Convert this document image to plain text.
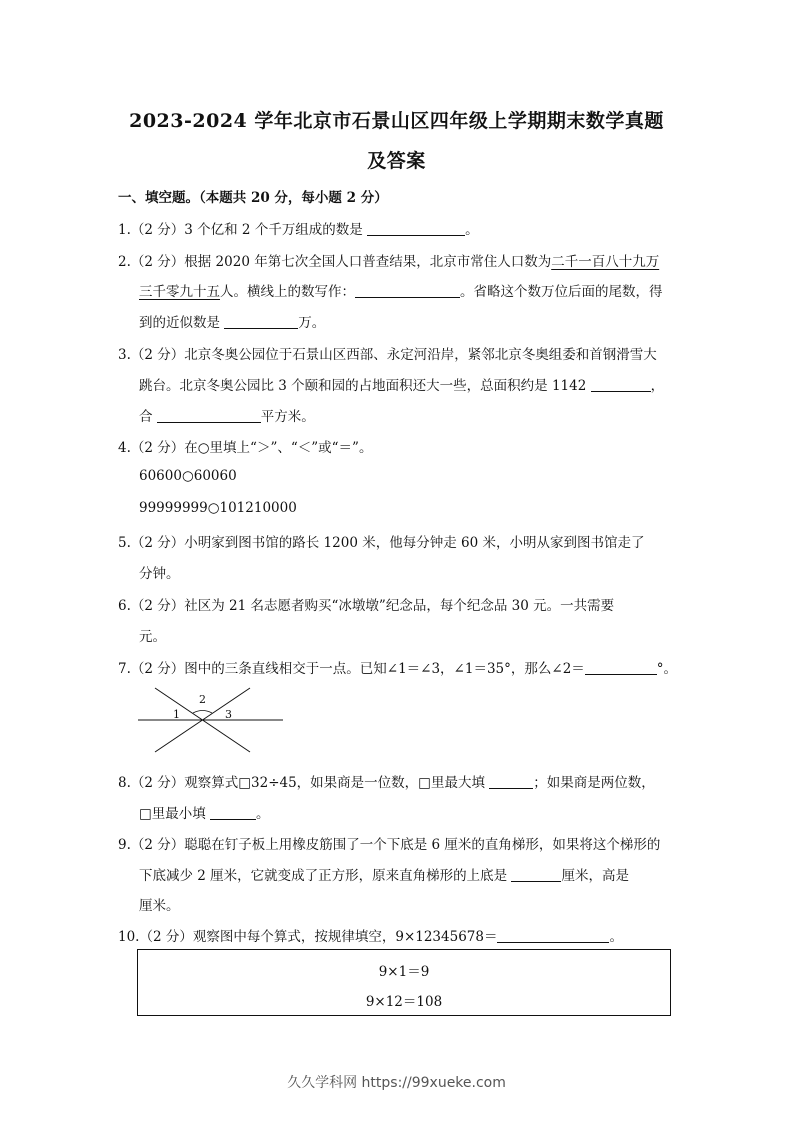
2023-2024 学年北京市石景山区四年级上学期期末数学真题
及答案
一、填空题。（本题共 20 分，每小题 2 分）
1.（2 分）3 个亿和 2 个千万组成的数是	。
2.（2 分）根据 2020 年第七次全国人口普查结果，北京市常住人口数为二千一百八十九万
三千零九十五人。横线上的数写作：	。省略这个数万位后面的尾数，得
到的近似数是	万。
3.（2 分）北京冬奥公园位于石景山区西部、永定河沿岸，紧邻北京冬奥组委和首钢滑雪大
跳台。北京冬奥公园比 3 个颐和园的占地面积还大一些，总面积约是 1142	，
合	平方米。
4.（2 分）在○里填上“＞”、“＜”或“＝”。
60600○60060
99999999○101210000
5.（2 分）小明家到图书馆的路长 1200 米，他每分钟走 60 米，小明从家到图书馆走了
分钟。
6.（2 分）社区为 21 名志愿者购买“冰墩墩”纪念品，每个纪念品 30 元。一共需要
元。
7.（2 分）图中的三条直线相交于一点。已知∠1＝∠3，∠1＝35°，那么∠2＝	°。
1
2
3
8.（2 分）观察算式□32÷45，如果商是一位数，□里最大填	；如果商是两位数，
□里最小填	。
9.（2 分）聪聪在钉子板上用橡皮筋围了一个下底是 6 厘米的直角梯形，如果将这个梯形的
下底减少 2 厘米，它就变成了正方形，原来直角梯形的上底是	厘米，高是
厘米。
10.（2 分）观察图中每个算式，按规律填空，9×12345678＝	。
9×1＝9
9×12＝108
久久学科网 https://99xueke.com
